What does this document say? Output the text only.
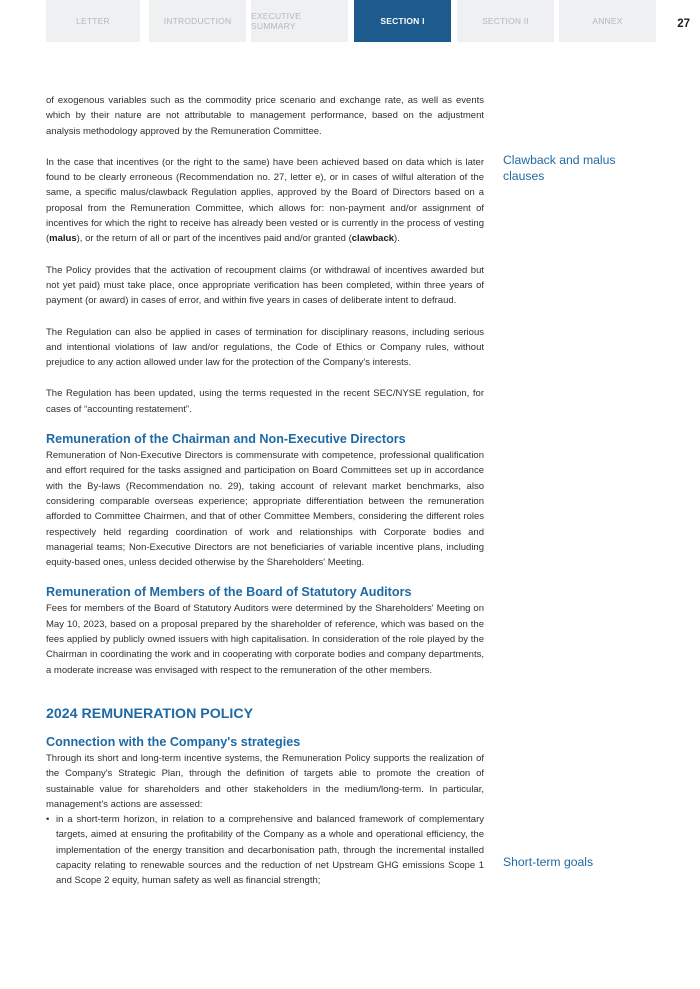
LETTER	INTRODUCTION	EXECUTIVE SUMMARY	SECTION I	SECTION II	ANNEX	27

of exogenous variables such as the commodity price scenario and exchange rate, as well as events which by their nature are not attributable to management performance, based on the adjustment analysis methodology approved by the Remuneration Committee.

In the case that incentives (or the right to the same) have been achieved based on data which is later found to be clearly erroneous (Recommendation no. 27, letter e), or in cases of wilful alteration of the same, a specific malus/clawback Regulation applies, approved by the Board of Directors based on a proposal from the Remuneration Committee, which allows for: non-payment and/or assignment of incentives for which the right to receive has already been vested or is currently in the process of vesting (malus), or the return of all or part of the incentives paid and/or granted (clawback).

The Policy provides that the activation of recoupment claims (or withdrawal of incentives awarded but not yet paid) must take place, once appropriate verification has been completed, within three years of payment (or award) in cases of error, and within five years in cases of deliberate intent to defraud.

The Regulation can also be applied in cases of termination for disciplinary reasons, including serious and intentional violations of law and/or regulations, the Code of Ethics or Company rules, without prejudice to any action allowed under law for the protection of the Company's interests.

The Regulation has been updated, using the terms requested in the recent SEC/NYSE regulation, for cases of “accounting restatement”.

Remuneration of the Chairman and Non-Executive Directors

Remuneration of Non-Executive Directors is commensurate with competence, professional qualification and effort required for the tasks assigned and participation on Board Committees set up in accordance with the By-laws (Recommendation no. 29), taking account of relevant market benchmarks, also considering comparable overseas experience; appropriate differentiation between the remuneration afforded to Committee Chairmen, and that of other Committee Members, considering the different roles respectively held regarding coordination of work and relationships with Corporate bodies and managerial teams; Non-Executive Directors are not beneficiaries of variable incentive plans, including equity-based ones, unless decided otherwise by the Shareholders' Meeting.

Remuneration of Members of the Board of Statutory Auditors

Fees for members of the Board of Statutory Auditors were determined by the Shareholders' Meeting on May 10, 2023, based on a proposal prepared by the shareholder of reference, which was based on the fees applied by publicly owned issuers with high capitalisation. In consideration of the role played by the Chairman in coordinating the work and in cooperating with corporate bodies and company departments, a moderate increase was envisaged with respect to the remuneration of the other members.

2024 REMUNERATION POLICY
Connection with the Company's strategies

Through its short and long-term incentive systems, the Remuneration Policy supports the realization of the Company's Strategic Plan, through the definition of targets able to promote the creation of sustainable value for shareholders and other stakeholders in the medium/long-term. In particular, management's actions are assessed:

• in a short-term horizon, in relation to a comprehensive and balanced framework of complementary targets, aimed at ensuring the profitability of the Company as a whole and operational efficiency, the implementation of the energy transition and decarbonisation path, through the incremental installed capacity relating to renewable sources and the reduction of net Upstream GHG emissions Scope 1 and Scope 2 equity, human safety as well as financial strength;
Clawback and malus clauses
Short-term goals
